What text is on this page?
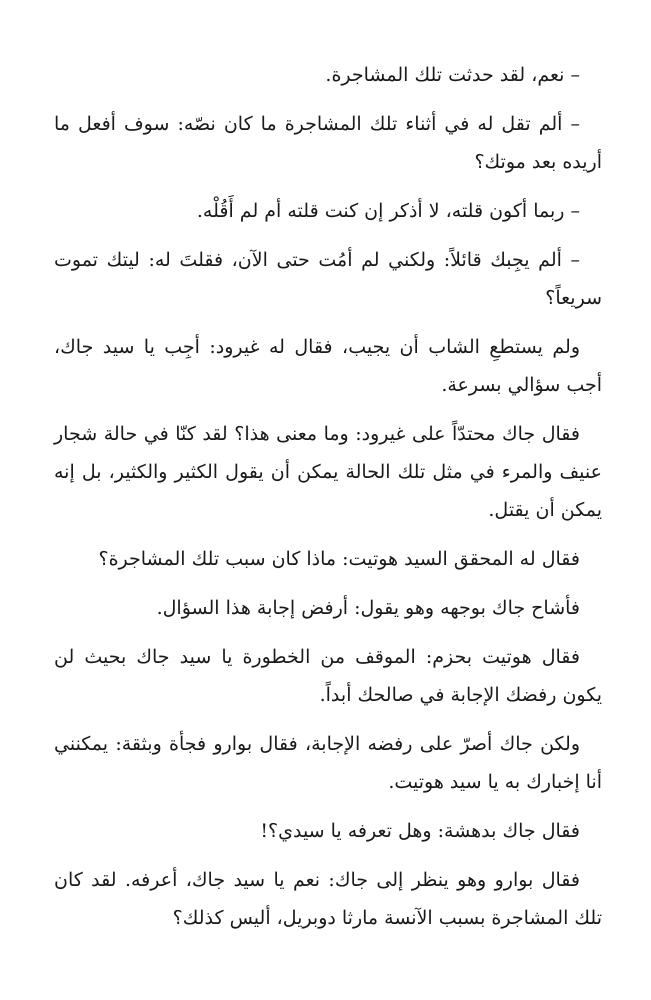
– نعم، لقد حدثت تلك المشاجرة.

– ألم تقل له في أثناء تلك المشاجرة ما كان نصّه: سوف أفعل ما أريده بعد موتك؟

– ربما أكون قلته، لا أذكر إن كنت قلته أم لم أَقُلْه.

– ألم يجِبك قائلاً: ولكني لم أمُت حتى الآن، فقلتَ له: ليتك تموت سريعاً؟

ولم يستطعِ الشاب أن يجيب، فقال له غيرود: أجِب يا سيد جاك، أجب سؤالي بسرعة.

فقال جاك محتدّاً على غيرود: وما معنى هذا؟ لقد كنّا في حالة شجار عنيف والمرء في مثل تلك الحالة يمكن أن يقول الكثير والكثير، بل إنه يمكن أن يقتل.

فقال له المحقق السيد هوتيت: ماذا كان سبب تلك المشاجرة؟

فأشاح جاك بوجهه وهو يقول: أرفض إجابة هذا السؤال.

فقال هوتيت بحزم: الموقف من الخطورة يا سيد جاك بحيث لن يكون رفضك الإجابة في صالحك أبداً.

ولكن جاك أصرّ على رفضه الإجابة، فقال بوارو فجأة وبثقة: يمكنني أنا إخبارك به يا سيد هوتيت.

فقال جاك بدهشة: وهل تعرفه يا سيدي؟!

فقال بوارو وهو ينظر إلى جاك: نعم يا سيد جاك، أعرفه. لقد كان تلك المشاجرة بسبب الآنسة مارثا دوبريل، أليس كذلك؟
